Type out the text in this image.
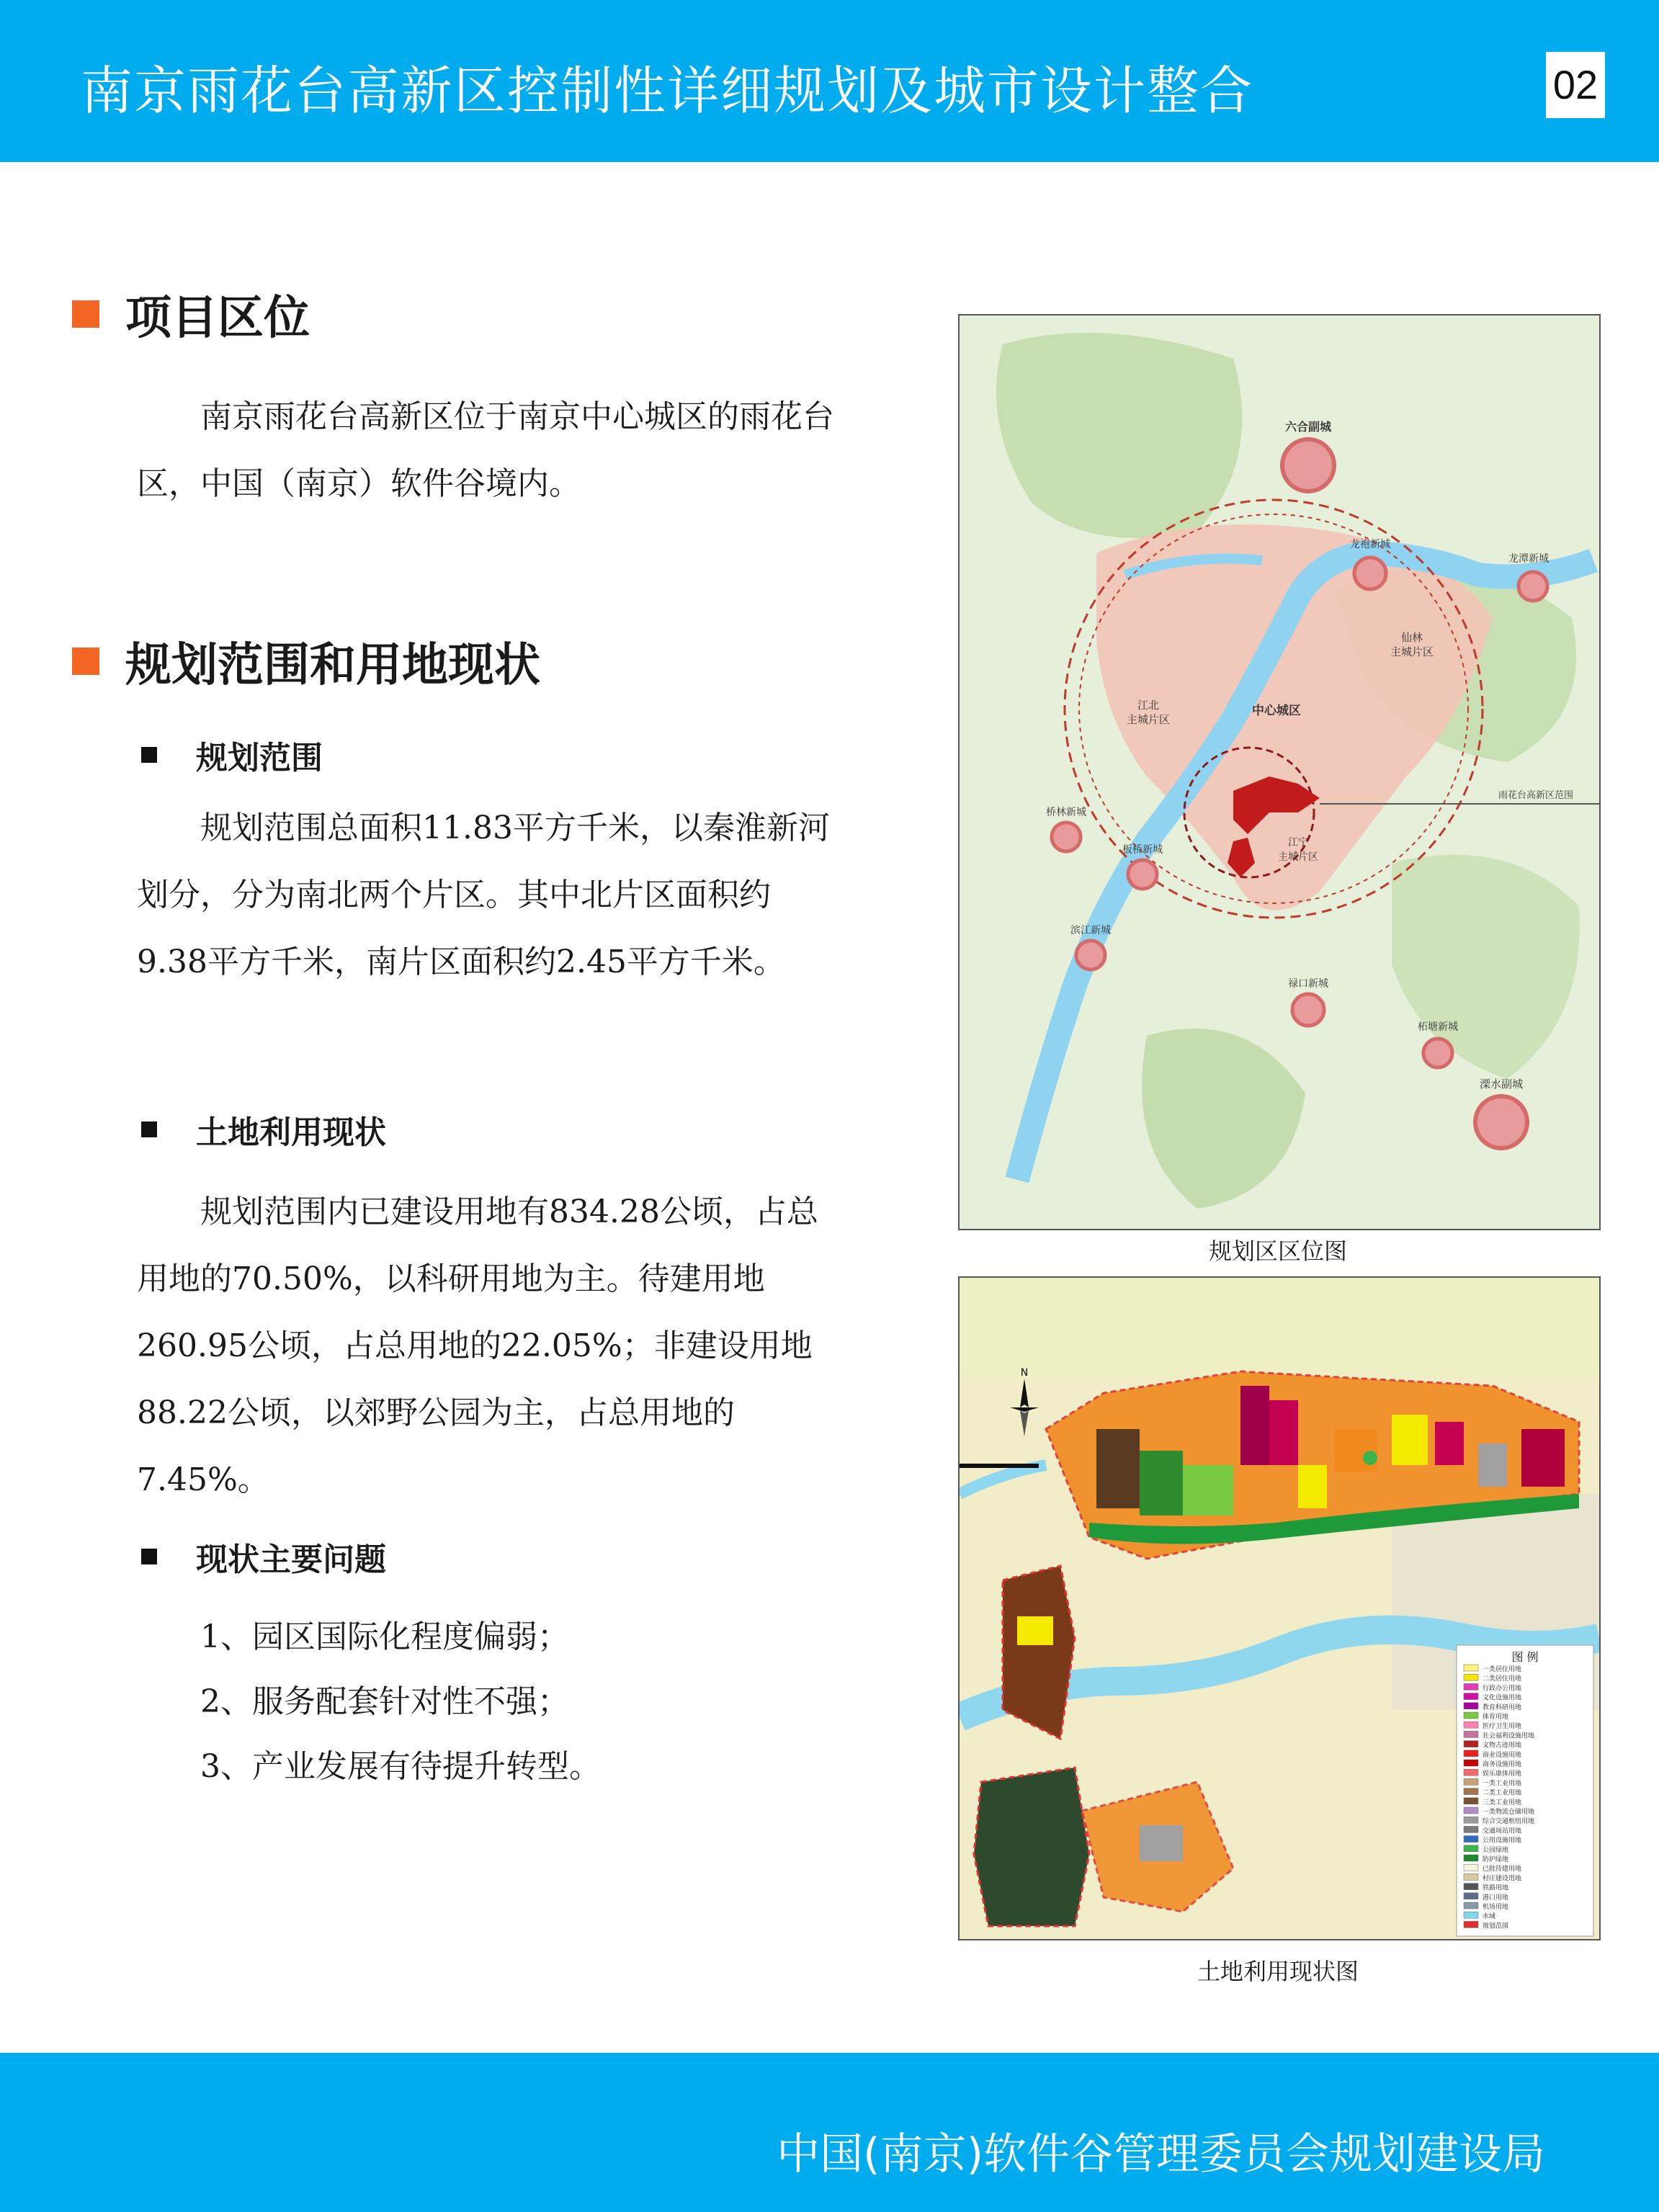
南京雨花台高新区控制性详细规划及城市设计整合	02
项目区位
南京雨花台高新区位于南京中心城区的雨花台区，中国（南京）软件谷境内。
规划范围和用地现状
规划范围
规划范围总面积11.83平方千米，以秦淮新河划分，分为南北两个片区。其中北片区面积约9.38平方千米，南片区面积约2.45平方千米。
土地利用现状
规划范围内已建设用地有834.28公顷，占总用地的70.50%，以科研用地为主。待建用地260.95公顷，占总用地的22.05%；非建设用地88.22公顷，以郊野公园为主，占总用地的7.45%。
现状主要问题
1、园区国际化程度偏弱；
2、服务配套针对性不强；
3、产业发展有待提升转型。
六合副城
龙袍新城
龙潭新城
仙林
主城片区
江北
主城片区
中心城区
雨花台高新区范围
桥林新城
板桥新城
江宁
主城片区
滨江新城
禄口新城
柘塘新城
溧水副城
规划区区位图
N
图 例
一类居住用地
二类居住用地
行政办公用地
文化设施用地
教育科研用地
体育用地
医疗卫生用地
社会福利设施用地
文物古迹用地
商业设施用地
商务设施用地
娱乐康体用地
一类工业用地
二类工业用地
三类工业用地
一类物流仓储用地
综合交通枢纽用地
交通场站用地
公用设施用地
公园绿地
防护绿地
已批待建用地
村庄建设用地
铁路用地
港口用地
机场用地
水域
规划范围
土地利用现状图
中国(南京)软件谷管理委员会规划建设局
